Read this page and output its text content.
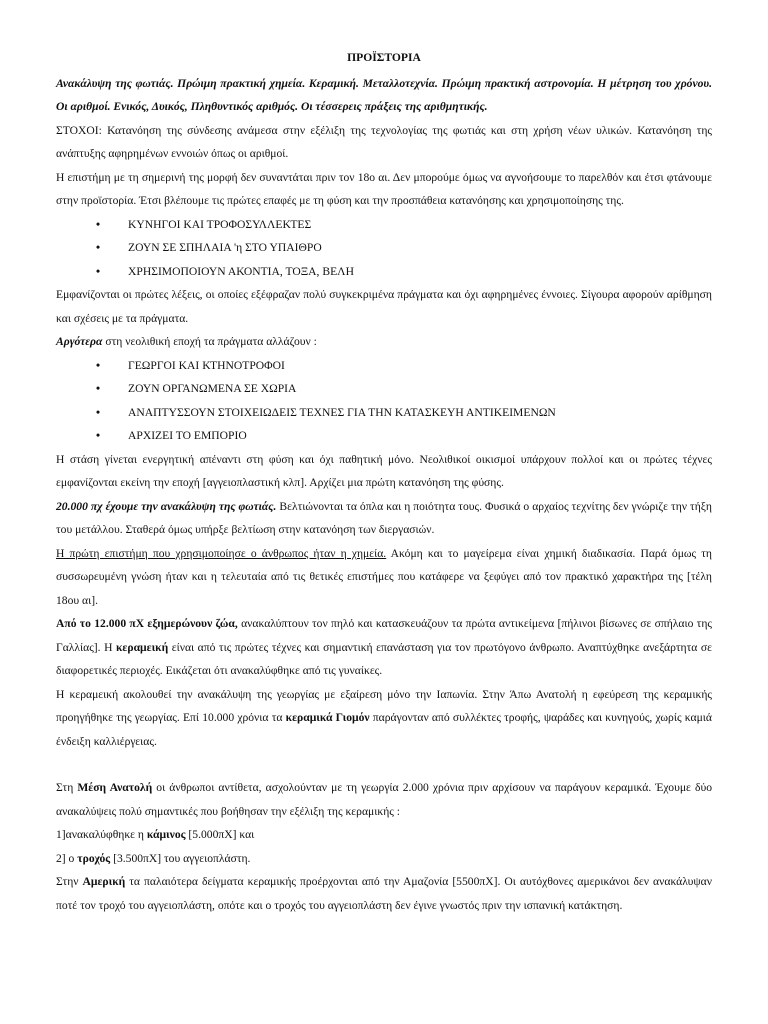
ΠΡΟΪΣΤΟΡΙΑ

Ανακάλυψη της φωτιάς. Πρώιμη πρακτική χημεία. Κεραμική. Μεταλλοτεχνία. Πρώιμη πρακτική αστρονομία. Η μέτρηση του χρόνου. Οι αριθμοί. Ενικός, Δυικός, Πληθυντικός αριθμός. Οι τέσσερεις πράξεις της αριθμητικής.

ΣΤΟΧΟΙ: Κατανόηση της σύνδεσης ανάμεσα στην εξέλιξη της τεχνολογίας της φωτιάς και στη χρήση νέων υλικών. Κατανόηση της ανάπτυξης αφηρημένων εννοιών όπως οι αριθμοί.

Η επιστήμη με τη σημερινή της μορφή δεν συναντάται πριν τον 18ο αι. Δεν μπορούμε όμως να αγνοήσουμε το παρελθόν και έτσι φτάνουμε στην προϊστορία. Έτσι βλέπουμε τις πρώτες επαφές με τη φύση και την προσπάθεια κατανόησης και χρησιμοποίησης της.

• ΚΥΝΗΓΟΙ ΚΑΙ ΤΡΟΦΟΣΥΛΛΕΚΤΕΣ
• ΖΟΥΝ ΣΕ ΣΠΗΛΑΙΑ 'η ΣΤΟ ΥΠΑΙΘΡΟ
• ΧΡΗΣΙΜΟΠΟΙΟΥΝ ΑΚΟΝΤΙΑ, ΤΟΞΑ, ΒΕΛΗ

Εμφανίζονται οι πρώτες λέξεις, οι οποίες εξέφραζαν πολύ συγκεκριμένα πράγματα και όχι αφηρημένες έννοιες. Σίγουρα αφορούν αρίθμηση και σχέσεις με τα πράγματα.

Αργότερα στη νεολιθική εποχή τα πράγματα αλλάζουν :

• ΓΕΩΡΓΟΙ ΚΑΙ ΚΤΗΝΟΤΡΟΦΟΙ
• ΖΟΥΝ ΟΡΓΑΝΩΜΕΝΑ ΣΕ ΧΩΡΙΑ
• ΑΝΑΠΤΥΣΣΟΥΝ ΣΤΟΙΧΕΙΩΔΕΙΣ ΤΕΧΝΕΣ ΓΙΑ ΤΗΝ ΚΑΤΑΣΚΕΥΗ ΑΝΤΙΚΕΙΜΕΝΩΝ
• ΑΡΧΙΖΕΙ ΤΟ ΕΜΠΟΡΙΟ

Η στάση γίνεται ενεργητική απέναντι στη φύση και όχι παθητική μόνο. Νεολιθικοί οικισμοί υπάρχουν πολλοί και οι πρώτες τέχνες εμφανίζονται εκείνη την εποχή [αγγειοπλαστική κλπ]. Αρχίζει μια πρώτη κατανόηση της φύσης.

20.000 πχ έχουμε την ανακάλυψη της φωτιάς. Βελτιώνονται τα όπλα και η ποιότητα τους. Φυσικά ο αρχαίος τεχνίτης δεν γνώριζε την τήξη του μετάλλου. Σταθερά όμως υπήρξε βελτίωση στην κατανόηση των διεργασιών.

Η πρώτη επιστήμη που χρησιμοποίησε ο άνθρωπος ήταν η χημεία. Ακόμη και το μαγείρεμα είναι χημική διαδικασία. Παρά όμως τη συσσωρευμένη γνώση ήταν και η τελευταία από τις θετικές επιστήμες που κατάφερε να ξεφύγει από τον πρακτικό χαρακτήρα της [τέλη 18ου αι].

Από το 12.000 πΧ εξημερώνουν ζώα, ανακαλύπτουν τον πηλό και κατασκευάζουν τα πρώτα αντικείμενα [πήλινοι βίσωνες σε σπήλαιο της Γαλλίας]. Η κεραμεική είναι από τις πρώτες τέχνες και σημαντική επανάσταση για τον πρωτόγονο άνθρωπο. Αναπτύχθηκε ανεξάρτητα σε διαφορετικές περιοχές. Εικάζεται ότι ανακαλύφθηκε από τις γυναίκες.

Η κεραμεική ακολουθεί την ανακάλυψη της γεωργίας με εξαίρεση μόνο την Ιαπωνία. Στην Άπω Ανατολή η εφεύρεση της κεραμικής προηγήθηκε της γεωργίας. Επί 10.000 χρόνια τα κεραμικά Γιομόν παράγονταν από συλλέκτες τροφής, ψαράδες και κυνηγούς, χωρίς καμιά ένδειξη καλλιέργειας.

Στη Μέση Ανατολή οι άνθρωποι αντίθετα, ασχολούνταν με τη γεωργία 2.000 χρόνια πριν αρχίσουν να παράγουν κεραμικά. Έχουμε δύο ανακαλύψεις πολύ σημαντικές που βοήθησαν την εξέλιξη της κεραμικής :

1]ανακαλύφθηκε η κάμινος [5.000πΧ] και

2] ο τροχός [3.500πΧ] του αγγειοπλάστη.

Στην Αμερική τα παλαιότερα δείγματα κεραμικής προέρχονται από την Αμαζονία [5500πΧ]. Οι αυτόχθονες αμερικάνοι δεν ανακάλυψαν ποτέ τον τροχό του αγγειοπλάστη, οπότε και ο τροχός του αγγειοπλάστη δεν έγινε γνωστός πριν την ισπανική κατάκτηση.
